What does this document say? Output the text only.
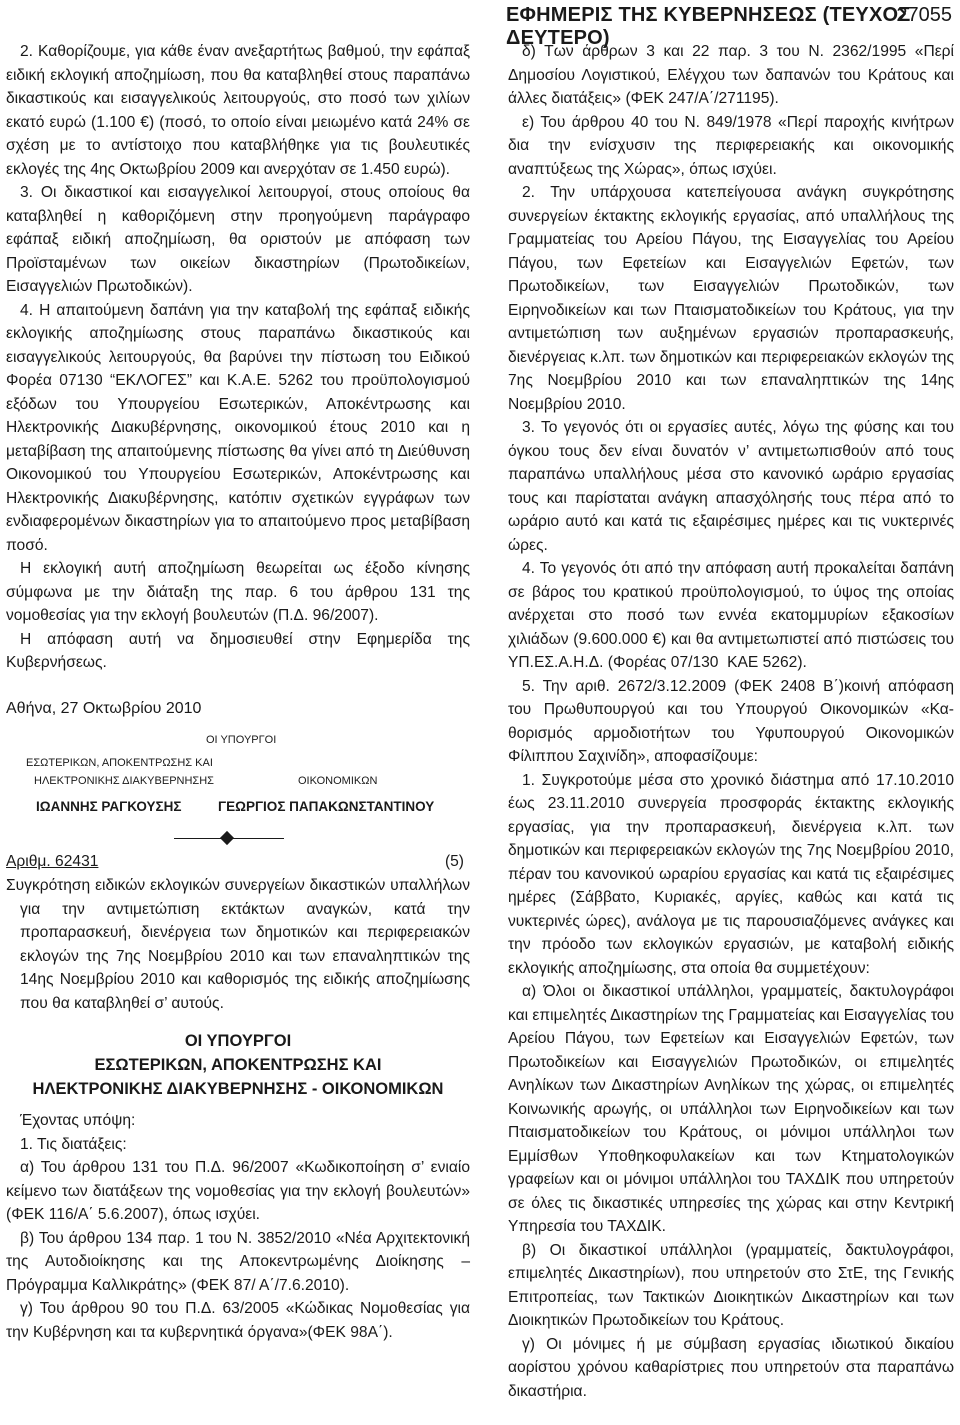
ΕΦΗΜΕΡΙΣ ΤΗΣ ΚΥΒΕΡΝΗΣΕΩΣ (ΤΕΥΧΟΣ ΔΕΥΤΕΡΟ)
27055

2. Καθορίζουμε, για κάθε έναν ανεξαρτήτως βαθμού, την εφάπαξ ειδική εκλογική αποζημίωση, που θα καταβληθεί στους παραπάνω δικαστικούς και εισαγγελικούς λειτουργούς, στο ποσό των χιλίων εκατό ευρώ (1.100 €) (ποσό, το οποίο είναι μειωμένο κατά 24% σε σχέση με το αντίστοιχο που καταβλήθηκε για τις βουλευτικές εκλογές της 4ης Οκτωβρίου 2009 και ανερχόταν σε 1.450 ευρώ).

3. Οι δικαστικοί και εισαγγελικοί λειτουργοί, στους οποίους θα καταβληθεί η καθοριζόμενη στην προηγούμενη παράγραφο εφάπαξ ειδική αποζημίωση, θα οριστούν με απόφαση των Προϊσταμένων των οικείων δικαστηρίων (Πρωτοδικείων, Εισαγγελιών Πρωτοδικών).

4. Η απαιτούμενη δαπάνη για την καταβολή της εφάπαξ ειδικής εκλογικής αποζημίωσης στους παραπάνω δικαστικούς και εισαγγελικούς λειτουργούς, θα βαρύνει την πίστωση του Ειδικού Φορέα 07130 “ΕΚΛΟΓΕΣ” και Κ.Α.Ε. 5262 του προϋπολογισμού εξόδων του Υπουργείου Εσωτερικών, Αποκέντρωσης και Ηλεκτρονικής Διακυβέρνησης, οικονομικού έτους 2010 και η μεταβίβαση της απαιτούμενης πίστωσης θα γίνει από τη Διεύθυνση Οικονομικού του Υπουργείου Εσωτερικών, Αποκέντρωσης και Ηλεκτρονικής Διακυβέρνησης, κατόπιν σχετικών εγγράφων των ενδιαφερομένων δικαστηρίων για το απαιτούμενο προς μεταβίβαση ποσό.

Η εκλογική αυτή αποζημίωση θεωρείται ως έξοδο κίνησης σύμφωνα με την διάταξη της παρ. 6 του άρθρου 131 της νομοθεσίας για την εκλογή βουλευτών (Π.Δ. 96/2007).

Η απόφαση αυτή να δημοσιευθεί στην Εφημερίδα της Κυβερνήσεως.

Αθήνα, 27 Οκτωβρίου 2010

ΟΙ ΥΠΟΥΡΓΟΙ
ΕΣΩΤΕΡΙΚΩΝ, ΑΠΟΚΕΝΤΡΩΣΗΣ ΚΑΙ
ΗΛΕΚΤΡΟΝΙΚΗΣ ΔΙΑΚΥΒΕΡΝΗΣΗΣ	ΟΙΚΟΝΟΜΙΚΩΝ
ΙΩΑΝΝΗΣ ΡΑΓΚΟΥΣΗΣ	ΓΕΩΡΓΙΟΣ ΠΑΠΑΚΩΝΣΤΑΝΤΙΝΟΥ
Αριθμ. 62431	(5)

Συγκρότηση ειδικών εκλογικών συνεργείων δικαστικών υπαλλήλων για την αντιμετώπιση εκτάκτων αναγκών, κατά την προπαρασκευή, διενέργεια των δημοτικών και περιφερειακών εκλογών της 7ης Νοεμβρίου 2010 και των επαναληπτικών της 14ης Νοεμβρίου 2010 και καθορισμός της ειδικής αποζημίωσης που θα καταβληθεί σ’ αυτούς.

ΟΙ ΥΠΟΥΡΓΟΙ

ΕΣΩΤΕΡΙΚΩΝ, ΑΠΟΚΕΝΤΡΩΣΗΣ ΚΑΙ

ΗΛΕΚΤΡΟΝΙΚΗΣ ΔΙΑΚΥΒΕΡΝΗΣΗΣ - ΟΙΚΟΝΟΜΙΚΩΝ

Έχοντας υπόψη:

1. Τις διατάξεις:

α) Του άρθρου 131 του Π.Δ. 96/2007 «Κωδικοποίηση σ’ ενιαίο κείμενο των διατάξεων της νομοθεσίας για την εκλογή βουλευτών» (ΦΕΚ 116/Α΄ 5.6.2007), όπως ισχύει.

β) Του άρθρου 134 παρ. 1 του Ν. 3852/2010 «Νέα Αρχιτεκτονική της Αυτοδιοίκησης και της Αποκεντρωμένης Διοίκησης – Πρόγραμμα Καλλικράτης» (ΦΕΚ 87/ Α΄/7.6.2010).

γ) Του άρθρου 90 του Π.Δ. 63/2005 «Κώδικας Νομοθεσίας για την Κυβέρνηση και τα κυβερνητικά όργανα»(ΦΕΚ 98Α΄).

δ) Των άρθρων 3 και 22 παρ. 3 του Ν. 2362/1995 «Περί Δημοσίου Λογιστικού, Ελέγχου των δαπανών του Κράτους και άλλες διατάξεις» (ΦΕΚ 247/Α΄/271195).

ε) Του άρθρου 40 του Ν. 849/1978 «Περί παροχής κινήτρων δια την ενίσχυσιν της περιφερειακής και οικονομικής αναπτύξεως της Χώρας», όπως ισχύει.

2. Την υπάρχουσα κατεπείγουσα ανάγκη συγκρότησης συνεργείων έκτακτης εκλογικής εργασίας, από υπαλλήλους της Γραμματείας του Αρείου Πάγου, της Εισαγγελίας του Αρείου Πάγου, των Εφετείων και Εισαγγελιών Εφετών, των Πρωτοδικείων, των Εισαγγελιών Πρωτοδικών, των Ειρηνοδικείων και των Πταισματοδικείων του Κράτους, για την αντιμετώπιση των αυξημένων εργασιών προπαρασκευής, διενέργειας κ.λπ. των δημοτικών και περιφερειακών εκλογών της 7ης Νοεμβρίου 2010 και των επαναληπτικών της 14ης Νοεμβρίου 2010.

3. Το γεγονός ότι οι εργασίες αυτές, λόγω της φύσης και του όγκου τους δεν είναι δυνατόν ν’ αντιμετωπισθούν από τους παραπάνω υπαλλήλους μέσα στο κανονικό ωράριο εργασίας τους και παρίσταται ανάγκη απασχόλησής τους πέρα από το ωράριο αυτό και κατά τις εξαιρέσιμες ημέρες και τις νυκτερινές ώρες.

4. Το γεγονός ότι από την απόφαση αυτή προκαλείται δαπάνη σε βάρος του κρατικού προϋπολογισμού, το ύψος της οποίας ανέρχεται στο ποσό των εννέα εκατομμυρίων εξακοσίων χιλιάδων (9.600.000 €) και θα αντιμετωπιστεί από πιστώσεις του ΥΠ.ΕΣ.Α.Η.Δ. (Φορέας 07/130 ΚΑΕ 5262).

5. Την αριθ. 2672/3.12.2009 (ΦΕΚ 2408 Β΄)κοινή απόφαση του Πρωθυπουργού και του Υπουργού Οικονομικών «Καθορισμός αρμοδιοτήτων του Υφυπουργού Οικονομικών Φίλιππου Σαχινίδη», αποφασίζουμε:

1. Συγκροτούμε μέσα στο χρονικό διάστημα από 17.10.2010 έως 23.11.2010 συνεργεία προσφοράς έκτακτης εκλογικής εργασίας, για την προπαρασκευή, διενέργεια κ.λπ. των δημοτικών και περιφερειακών εκλογών της 7ης Νοεμβρίου 2010, πέραν του κανονικού ωραρίου εργασίας και κατά τις εξαιρέσιμες ημέρες (Σάββατο, Κυριακές, αργίες, καθώς και κατά τις νυκτερινές ώρες), ανάλογα με τις παρουσιαζόμενες ανάγκες και την πρόοδο των εκλογικών εργασιών, με καταβολή ειδικής εκλογικής αποζημίωσης, στα οποία θα συμμετέχουν:

α) Όλοι οι δικαστικοί υπάλληλοι, γραμματείς, δακτυλογράφοι και επιμελητές Δικαστηρίων της Γραμματείας και Εισαγγελίας του Αρείου Πάγου, των Εφετείων και Εισαγγελιών Εφετών, των Πρωτοδικείων και Εισαγγελιών Πρωτοδικών, οι επιμελητές Ανηλίκων των Δικαστηρίων Ανηλίκων της χώρας, οι επιμελητές Κοινωνικής αρωγής, οι υπάλληλοι των Ειρηνοδικείων και των Πταισματοδικείων του Κράτους, οι μόνιμοι υπάλληλοι των Εμμίσθων Υποθηκοφυλακείων και των Κτηματολογικών γραφείων και οι μόνιμοι υπάλληλοι του ΤΑΧΔΙΚ που υπηρετούν σε όλες τις δικαστικές υπηρεσίες της χώρας και στην Κεντρική Υπηρεσία του ΤΑΧΔΙΚ.

β) Οι δικαστικοί υπάλληλοι (γραμματείς, δακτυλογράφοι, επιμελητές Δικαστηρίων), που υπηρετούν στο ΣτΕ, της Γενικής Επιτροπείας, των Τακτικών Διοικητικών Δικαστηρίων και των Διοικητικών Πρωτοδικείων του Κράτους.

γ) Οι μόνιμες ή με σύμβαση εργασίας ιδιωτικού δικαίου αορίστου χρόνου καθαρίστριες που υπηρετούν στα παραπάνω δικαστήρια.
